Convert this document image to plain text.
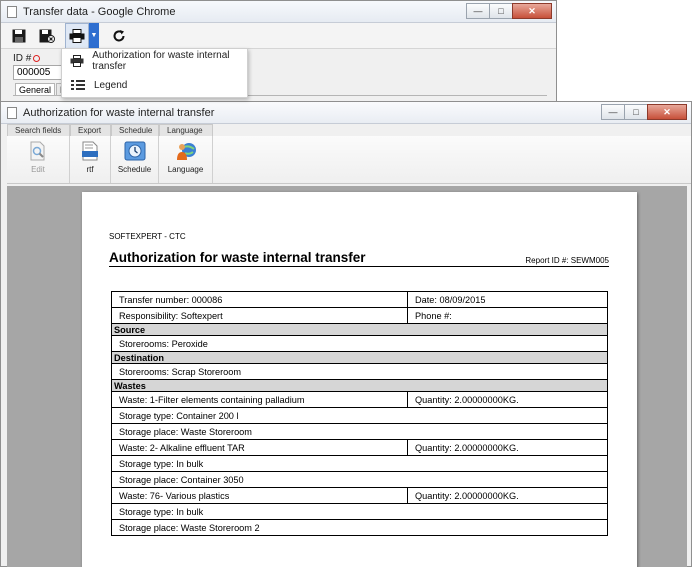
Transfer data - Google Chrome	—	□	✕
▼
ID #
000005
General
Authorization for waste internal transfer
Legend
Authorization for waste internal transfer	—	□	✕
Search fields	Export	Schedule	Language
Edit	rtf	Schedule Language
SOFTEXPERT - CTC
Authorization for waste internal transfer	Report ID #: SEWM005
Transfer number: 000086	Date: 08/09/2015
Responsibility: Softexpert	Phone #:
Source	
Storerooms: Peroxide	
Destination	
Storerooms: Scrap Storeroom	
Wastes	
Waste: 1-Filter elements containing palladium	Quantity: 2.00000000KG.
Storage type: Container 200 l	
Storage place: Waste Storeroom	
Waste: 2- Alkaline effluent TAR	Quantity: 2.00000000KG.
Storage type: In bulk	
Storage place: Container 3050	
Waste: 76- Various plastics	Quantity: 2.00000000KG.
Storage type: In bulk	
Storage place: Waste Storeroom 2	
